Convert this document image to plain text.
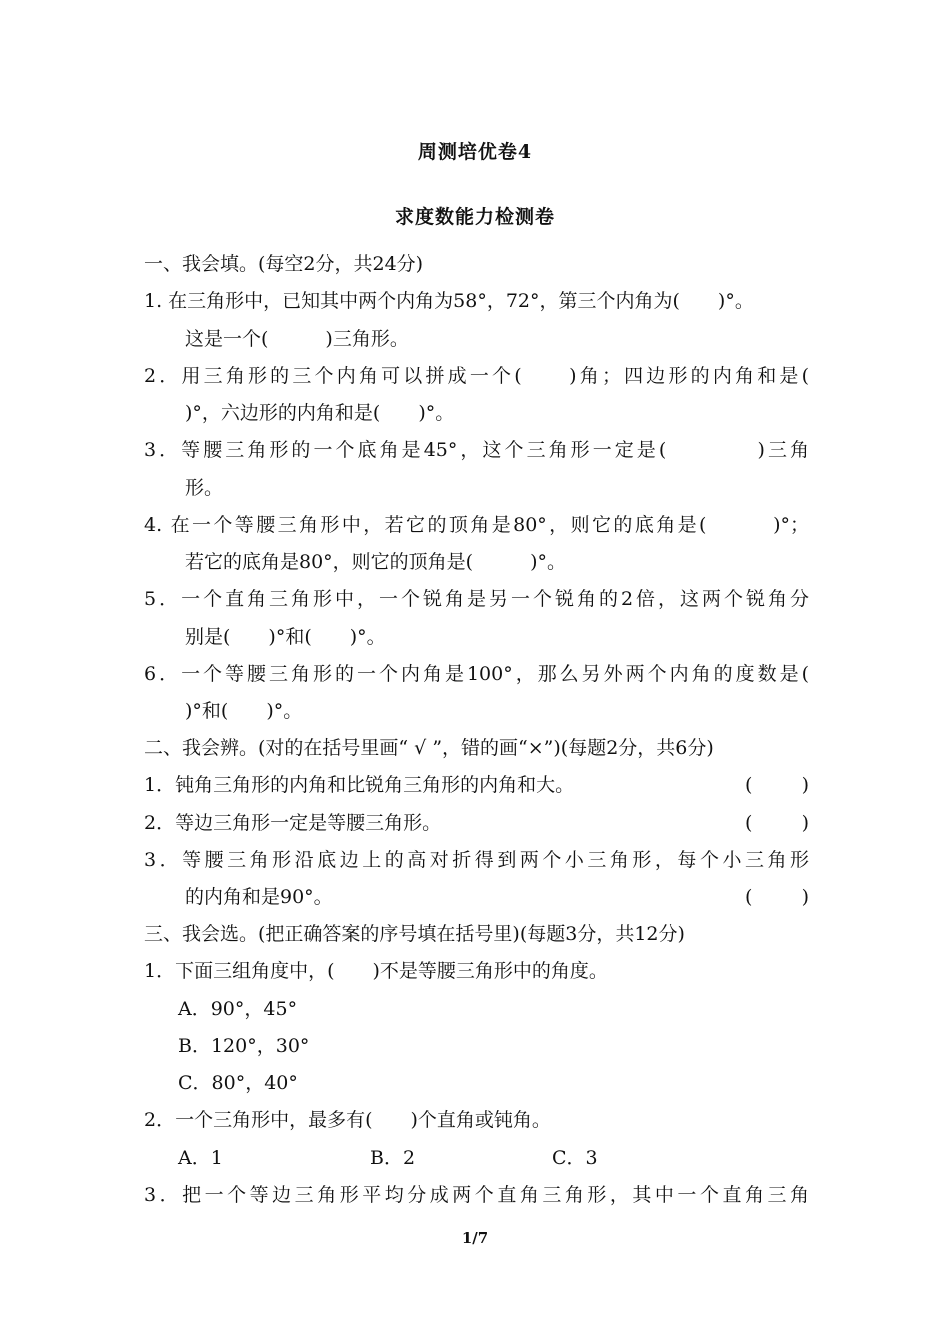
周测培优卷4
求度数能力检测卷
一、我会填。(每空2分，共24分)
1. 在三角形中，已知其中两个内角为58°，72°，第三个内角为(　　)°。
这是一个(　　　)三角形。
2．用三角形的三个内角可以拼成一个(　　)角；四边形的内角和是(
)°，六边形的内角和是(　　)°。
3．等腰三角形的一个底角是45°，这个三角形一定是(　　　　)三角
形。
4. 在一个等腰三角形中，若它的顶角是80°，则它的底角是(　　　)°；
若它的底角是80°，则它的顶角是(　　　)°。
5．一个直角三角形中，一个锐角是另一个锐角的2倍，这两个锐角分
别是(　　)°和(　　)°。
6．一个等腰三角形的一个内角是100°，那么另外两个内角的度数是(
)°和(　　)°。
二、我会辨。(对的在括号里画“ √ ”，错的画“×”)(每题2分，共6分)
1．钝角三角形的内角和比锐角三角形的内角和大。	(	)
2．等边三角形一定是等腰三角形。	(	)
3．等腰三角形沿底边上的高对折得到两个小三角形，每个小三角形
的内角和是90°。	(	)
三、我会选。(把正确答案的序号填在括号里)(每题3分，共12分)
1．下面三组角度中，(　　)不是等腰三角形中的角度。
A．90°，45°
B．120°，30°
C．80°，40°
2．一个三角形中，最多有(　　)个直角或钝角。
A．1	B．2	C．3
3．把一个等边三角形平均分成两个直角三角形，其中一个直角三角
1/7
